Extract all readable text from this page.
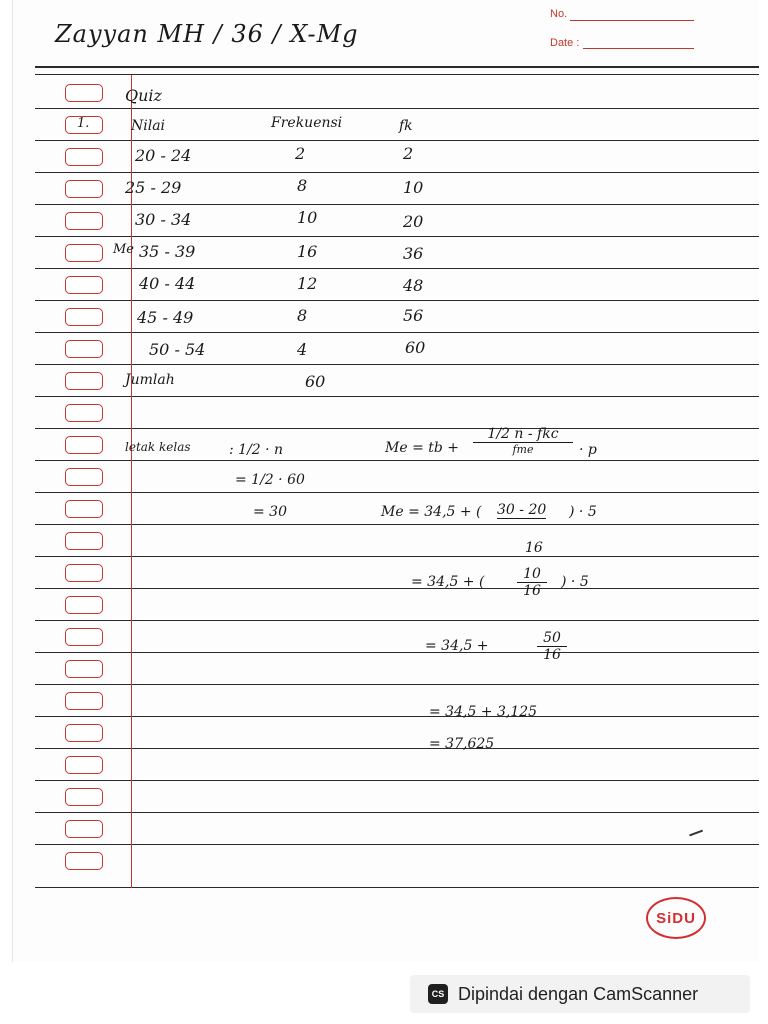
Zayyan MH / 36 / X-Mg
No.
Date :
1.
Quiz
Nilai	Frekuensi	fk
20 - 24	2	2
25 - 29	8	10
30 - 34	10	20
Me 35 - 39	16	36
40 - 44	12	48
45 - 49	8	56
50 - 54	4	60
Jumlah	60
letak kelas	: 1/2 · n
= 1/2 · 60
= 30
Me = tb +
1/2 n - fkc
fme	· p
Me = 34,5 + ( 30 - 20 ) · 5
16
= 34,5 + ( $\frac{10}{16}$ ) · 5
= 34,5 +	$\frac{50}{16}$
= 34,5 + 3,125
= 37,625
SiDU
CS Dipindai dengan CamScanner
